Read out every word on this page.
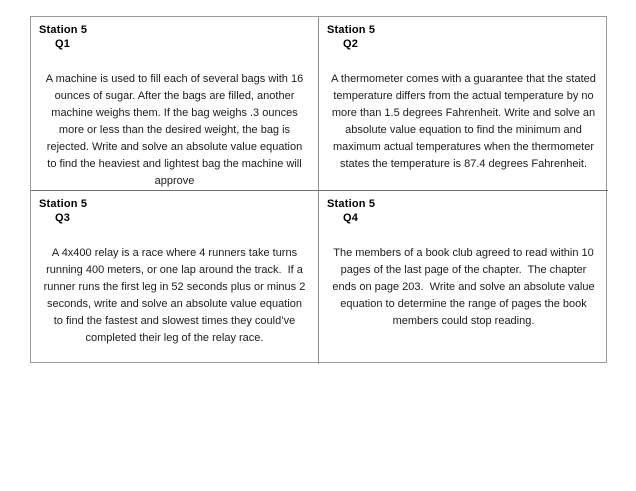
Station 5
Q1

A machine is used to fill each of several bags with 16 ounces of sugar. After the bags are filled, another machine weighs them. If the bag weighs .3 ounces more or less than the desired weight, the bag is rejected. Write and solve an absolute value equation to find the heaviest and lightest bag the machine will approve

Station 5
Q2

A thermometer comes with a guarantee that the stated temperature differs from the actual temperature by no more than 1.5 degrees Fahrenheit. Write and solve an absolute value equation to find the minimum and maximum actual temperatures when the thermometer states the temperature is 87.4 degrees Fahrenheit.

Station 5
Q3

A 4x400 relay is a race where 4 runners take turns running 400 meters, or one lap around the track.  If a runner runs the first leg in 52 seconds plus or minus 2 seconds, write and solve an absolute value equation to find the fastest and slowest times they could’ve completed their leg of the relay race.

Station 5
Q4

The members of a book club agreed to read within 10 pages of the last page of the chapter.  The chapter ends on page 203.  Write and solve an absolute value equation to determine the range of pages the book members could stop reading.
